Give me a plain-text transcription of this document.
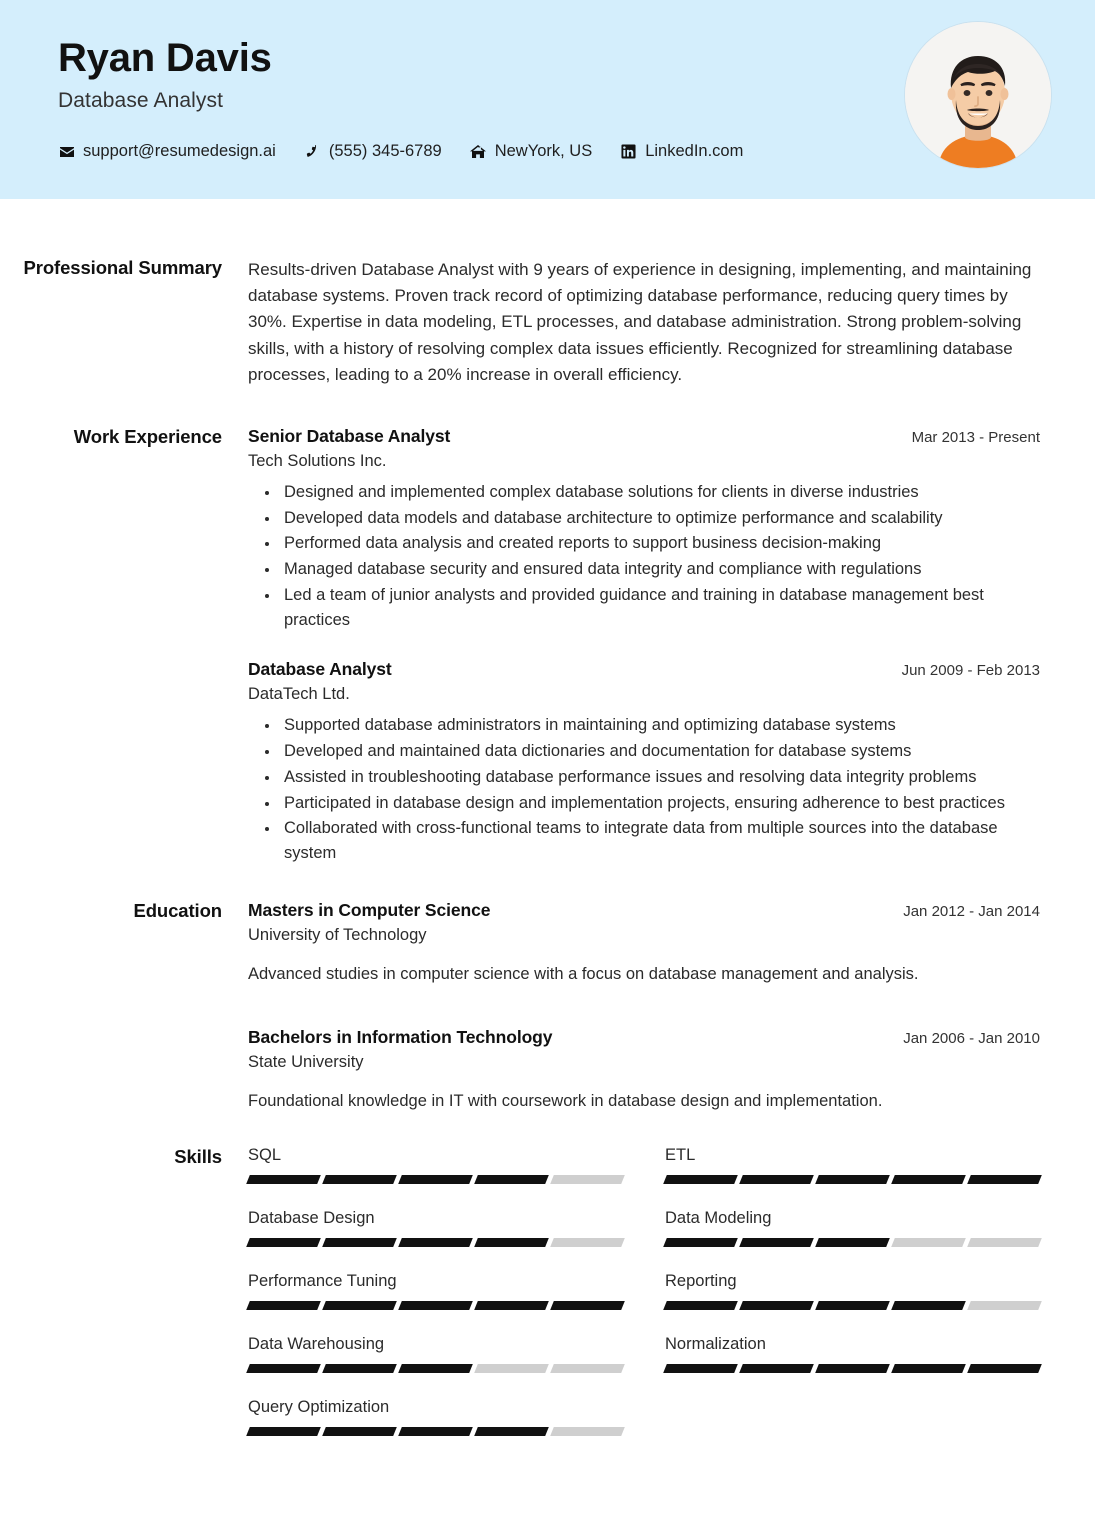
Ryan Davis
Database Analyst
support@resumedesign.ai	(555) 345-6789	NewYork, US	LinkedIn.com
Professional Summary	Results-driven Database Analyst with 9 years of experience in designing, implementing, and maintaining database systems. Proven track record of optimizing database performance, reducing query times by 30%. Expertise in data modeling, ETL processes, and database administration. Strong problem-solving skills, with a history of resolving complex data issues efficiently. Recognized for streamlining database processes, leading to a 20% increase in overall efficiency.

Work Experience	Senior Database Analyst	Mar 2013 - Present
Tech Solutions Inc.
• Designed and implemented complex database solutions for clients in diverse industries
• Developed data models and database architecture to optimize performance and scalability
• Performed data analysis and created reports to support business decision-making
• Managed database security and ensured data integrity and compliance with regulations
• Led a team of junior analysts and provided guidance and training in database management best practices
Database Analyst	Jun 2009 - Feb 2013
DataTech Ltd.
• Supported database administrators in maintaining and optimizing database systems
• Developed and maintained data dictionaries and documentation for database systems
• Assisted in troubleshooting database performance issues and resolving data integrity problems
• Participated in database design and implementation projects, ensuring adherence to best practices
• Collaborated with cross-functional teams to integrate data from multiple sources into the database system
Education	Masters in Computer Science	Jan 2012 - Jan 2014
University of Technology
Advanced studies in computer science with a focus on database management and analysis.
Bachelors in Information Technology	Jan 2006 - Jan 2010
State University
Foundational knowledge in IT with coursework in database design and implementation.
Skills	SQL	ETL
Database Design	Data Modeling
Performance Tuning	Reporting
Data Warehousing	Normalization
Query Optimization
